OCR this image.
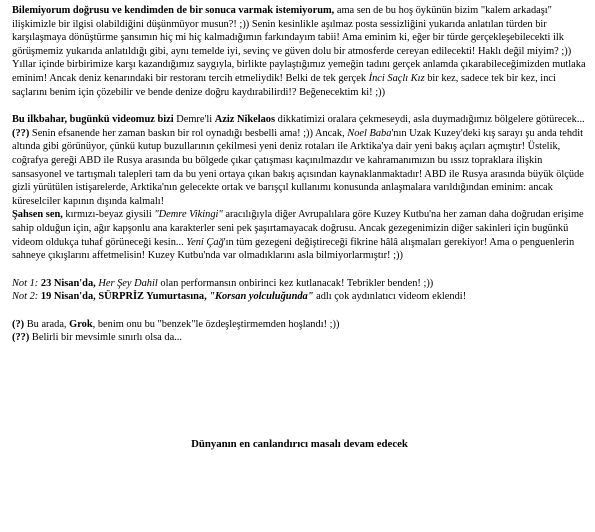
Bilemiyorum doğrusu ve kendimden de bir sonuca varmak istemiyorum, ama sen de bu hoş öykünün bizim "kalem arkadaşı" ilişkimizle bir ilgisi olabildiğini düşünmüyor musun?! ;)) Senin kesinlikle aşılmaz posta sessizliğini yukarıda anlatılan türden bir karşılaşmaya dönüştürme şansımın hiç mi hiç kalmadığımın farkındayım tabii! Ama eminim ki, eğer bir türde gerçekleşebilecekti ilk görüşmemiz yukarıda anlatıldığı gibi, aynı temelde iyi, sevinç ve güven dolu bir atmosferde cereyan edilecekti! Haklı değil miyim? ;)) Yıllar içinde birbirimize karşı kazandığımız saygıyla, birlikte paylaştığımız yemeğin tadını gerçek anlamda çıkarabileceğimizden mutlaka eminim! Ancak deniz kenarındaki bir restoranı tercih etmeliydik! Belki de tek gerçek İnci Saçlı Kız bir kez, sadece tek bir kez, inci saçlarını benim için çözebilir ve bende denize doğru kaydırabilirdi!? Beğenecektim ki! ;))

Bu ilkbahar, bugünkü videomuz bizi Demre'li Aziz Nikelaos dikkatimizi oralara çekmeseydi, asla duymadığımız bölgelere götürecek... (??) Senin efsanende her zaman baskın bir rol oynadığı besbelli ama! ;)) Ancak, Noel Baba'nın Uzak Kuzey'deki kış sarayı şu anda tehdit altında gibi görünüyor, çünkü kutup buzullarının çekilmesi yeni deniz rotaları ile Arktika'ya dair yeni bakış açıları açmıştır! Üstelik, coğrafya gereği ABD ile Rusya arasında bu bölgede çıkar çatışması kaçınılmazdır ve kahramanımızın bu ıssız topraklara ilişkin sansasyonel ve tartışmalı talepleri tam da bu yeni ortaya çıkan bakış açısından kaynaklanmaktadır! ABD ile Rusya arasında büyük ölçüde gizli yürütülen istişarelerde, Arktika'nın gelecekte ortak ve barışçıl kullanımı konusunda anlaşmalara varıldığından eminim: ancak küreselciler kapının dışında kalmalı!

Şahsen sen, kırmızı-beyaz giysili "Demre Vikingi" aracılığıyla diğer Avrupalılara göre Kuzey Kutbu'na her zaman daha doğrudan erişime sahip olduğun için, ağır kapşonlu ana karakterler seni pek şaşırtamayacak doğrusu. Ancak gezegenimizin diğer sakinleri için bugünkü videom oldukça tuhaf görüneceği kesin... Yeni Çağ'ın tüm gezegeni değiştireceği fikrine hâlâ alışmaları gerekiyor! Ama o penguenlerin sahneye çıkışlarını affetmelisin! Kuzey Kutbu'nda var olmadıklarını asla bilmiyorlarmıştır! ;))

Not 1: 23 Nisan'da, Her Şey Dahil olan performansın onbirinci kez kutlanacak! Tebrikler benden! ;))

Not 2: 19 Nisan'da, SÜRPRİZ Yumurtasına, "Korsan yolculuğunda" adlı çok aydınlatıcı videom eklendi!

(?) Bu arada, Grok, benim onu bu "benzek"le özdeşleştirmemden hoşlandı! ;))

(??) Belirli bir mevsimle sınırlı olsa da...

Dünyanın en canlandırıcı masalı devam edecek
